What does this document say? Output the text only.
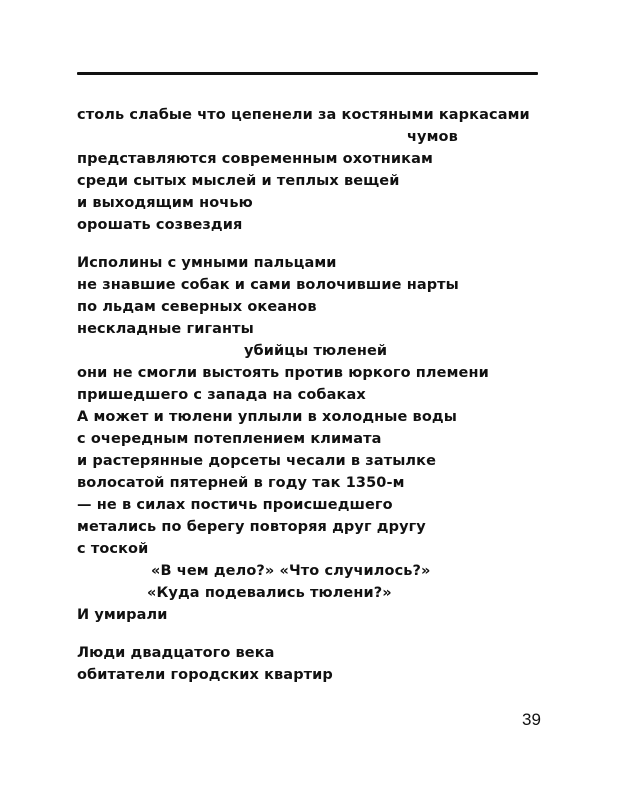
столь слабые что цепенели за костяными каркасами
чумов
представляются современным охотникам
среди сытых мыслей и теплых вещей
и выходящим ночью
орошать созвездия
Исполины с умными пальцами
не знавшие собак и сами волочившие нарты
по льдам северных океанов
нескладные гиганты
убийцы тюленей
они не смогли выстоять против юркого племени
пришедшего с запада на собаках
А может и тюлени уплыли в холодные воды
с очередным потеплением климата
и растерянные дорсеты чесали в затылке
волосатой пятерней в году так 1350-м
— не в силах постичь происшедшего
метались по берегу повторяя друг другу
с тоской
«В чем дело?» «Что случилось?»
«Куда подевались тюлени?»
И умирали
Люди двадцатого века
обитатели городских квартир
39
